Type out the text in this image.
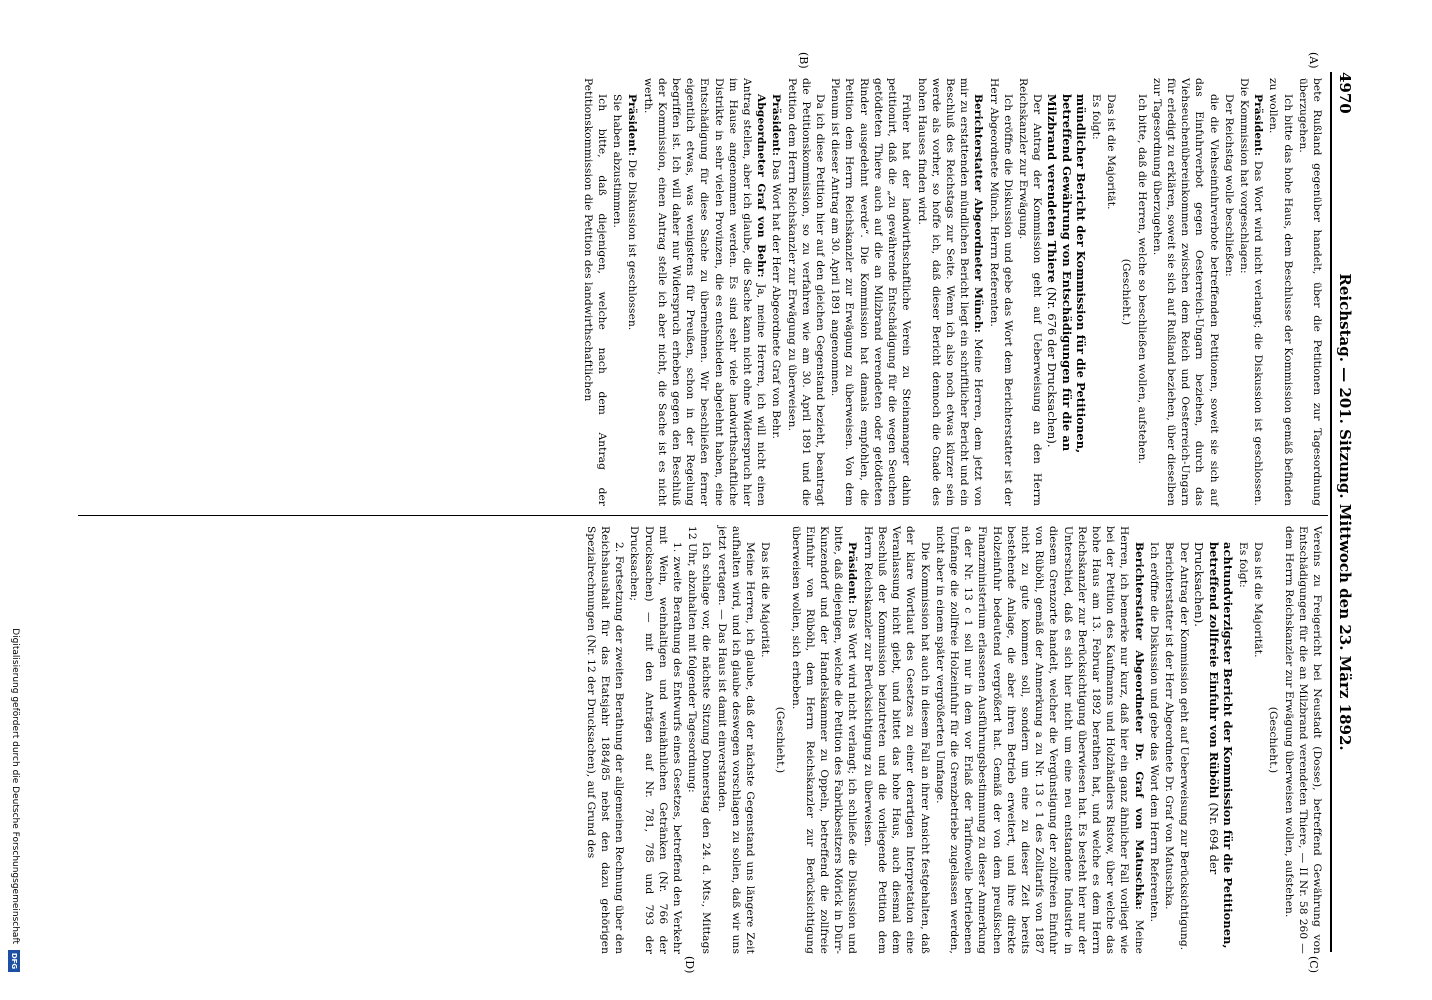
4970
Reichstag. — 201. Sitzung. Mittwoch den 23. März 1892.
(A)
(B)
(C)
(D)

bete Rußland gegenüber handelt, über die Petitionen zur Tagesordnung überzugehen.

Ich bitte das hohe Haus, dem Beschlusse der Kommission gemäß befinden zu wollen.

Präsident: Das Wort wird nicht verlangt; die Diskussion ist geschlossen. Die Kommission hat vorgeschlagen:

Der Reichstag wolle beschließen:

die die Viehseinfuhrverbote betreffenden Petitionen, soweit sie sich auf das Einfuhrverbot gegen Oesterreich-Ungarn beziehen, durch das Viehseuchenübereinkommen zwischen dem Reich und Oesterreich-Ungarn für erledigt zu erklären, soweit sie sich auf Rußland beziehen, über dieselben zur Tagesordnung überzugehen.

Ich bitte, daß die Herren, welche so beschließen wollen, aufstehen.

(Geschieht.)

Das ist die Majorität.

Es folgt:

mündlicher Bericht der Kommission für die Petitionen, betreffend Gewährung von Entschädigungen für die an Milzbrand verendeten Thiere (Nr. 676 der Drucksachen).

Der Antrag der Kommission geht auf Ueberweisung an den Herrn Reichskanzler zur Erwägung.

Ich eröffne die Diskussion und gebe das Wort dem Berichterstatter ist der Herr Abgeordnete Münch. Herrn Referenten.

Berichterstatter Abgeordneter Münch: Meine Herren, dem jetzt von mir zu erstattenden mündlichen Bericht liegt ein schriftlicher Bericht und ein Beschluß des Reichstags zur Seite. Wenn ich also noch etwas kürzer sein werde als vorher, so hoffe ich, daß dieser Bericht dennoch die Gnade des hohen Hauses finden wird.

Früher hat der landwirthschaftliche Verein zu Steinamanger dahin petitionirt, daß die „zu gewährende Entschädigung für die wegen Seuchen getödteten Thiere auch auf die an Milzbrand verendeten oder getödteten Rinder ausgedehnt werde“. Die Kommission hat damals empfohlen, die Petition dem Herrn Reichskanzler zur Erwägung zu überweisen. Von dem Plenum ist dieser Antrag am 30. April 1891 angenommen.

Da ich diese Petition hier auf den gleichen Gegenstand bezieht, beantragt die Petitionskommission, so zu verfahren wie am 30. April 1891 und die Petition dem Herrn Reichskanzler zur Erwägung zu überweisen.

Präsident: Das Wort hat der Herr Abgeordnete Graf von Behr.

Abgeordneter Graf von Behr: Ja, meine Herren, ich will nicht einen Antrag stellen, aber ich glaube, die Sache kann nicht ohne Widerspruch hier im Hause angenommen werden. Es sind sehr viele landwirthschaftliche Distrikte in sehr vielen Provinzen, die es entschieden abgelehnt haben, eine Entschädigung für diese Sache zu übernehmen. Wir beschließen ferner eigentlich etwas, was wenigstens für Preußen, schon in der Regelung begriffen ist. Ich will daher nur Widerspruch erheben gegen den Beschluß der Kommission, einen Antrag stelle ich aber nicht, die Sache ist es nicht werth.

Präsident: Die Diskussion ist geschlossen.

Sie haben abzustimmen.

Ich bitte, daß diejenigen, welche nach dem Antrag der Petitionskommission die Petition des landwirthschaftlichen

Vereins zu Freigericht bei Neustadt (Dosse), betreffend Gewährung von Entschädigungen für die an Milzbrand verendeten Thiere, — II Nr. 58 260 — dem Herrn Reichskanzler zur Erwägung überweisen wollen, aufstehen.

(Geschieht.)

Das ist die Majorität.

Es folgt:

achtundvierzigster Bericht der Kommission für die Petitionen, betreffend zollfreie Einfuhr von Rüböhl (Nr. 694 der Drucksachen).

Der Antrag der Kommission geht auf Ueberweisung zur Berücksichtigung.

Berichterstatter ist der Herr Abgeordnete Dr. Graf von Matuschka.

Ich eröffne die Diskussion und gebe das Wort dem Herrn Referenten.

Berichterstatter Abgeordneter Dr. Graf von Matuschka: Meine Herren, ich bemerke nur kurz, daß hier ein ganz ähnlicher Fall vorliegt wie bei der Petition des Kaufmanns und Holzhändlers Ristow, über welche das hohe Haus am 13. Februar 1892 berathen hat, und welche es dem Herrn Reichskanzler zur Berücksichtigung überwiesen hat. Es besteht hier nur der Unterschied, daß es sich hier nicht um eine neu entstandene Industrie in diesem Grenzorte handelt, welcher die Vergünstigung der zollfreien Einfuhr von Rüböhl, gemäß der Anmerkung a zu Nr. 13 c 1 des Zolltarifs von 1887 nicht zu gute kommen soll, sondern um eine zu dieser Zeit bereits bestehende Anlage, die aber ihren Betrieb erweitert, und ihre direkte Holzeinfuhr bedeutend vergrößert hat. Gemäß der von dem preußischen Finanzministerium erlassenen Ausführungsbestimmung zu dieser Anmerkung a der Nr. 13 c 1 soll nur in dem vor Erlaß der Tarifnovelle betriebenen Umfange die zollfreie Holzeinfuhr für die Grenzbetriebe zugelassen werden, nicht aber in einem später vergrößerten Umfange.

Die Kommission hat auch in diesem Fall an ihrer Ansicht festgehalten, daß der klare Wortlaut des Gesetzes zu einer derartigen Interpretation eine Veranlassung nicht giebt, und bittet das hohe Haus, auch diesmal dem Beschluß der Kommission beizutreten und die vorliegende Petition dem Herrn Reichskanzler zur Berücksichtigung zu überweisen.

Präsident: Das Wort wird nicht verlangt; ich schließe die Diskussion und bitte, daß diejenigen, welche die Petition des Fabrikbesitzers Mörick in Dürr-Kunzendorf und der Handelskammer zu Oppeln, betreffend die zollfreie Einfuhr von Rüböhl, dem Herrn Reichskanzler zur Berücksichtigung überweisen wollen, sich erheben.

(Geschieht.)

Das ist die Majorität.

Meine Herren, ich glaube, daß der nächste Gegenstand uns längere Zeit aufhalten wird, und ich glaube deswegen vorschlagen zu sollen, daß wir uns jetzt vertagen. — Das Haus ist damit einverstanden.

Ich schlage vor, die nächste Sitzung Donnerstag den 24. d. Mts., Mittags 12 Uhr, abzuhalten mit folgender Tagesordnung:

1. zweite Berathung des Entwurfs eines Gesetzes, betreffend den Verkehr mit Wein, weinhaltigen und weinähnlichen Getränken (Nr. 766 der Drucksachen) — mit den Anträgen auf Nr. 781, 785 und 793 der Drucksachen;

2. Fortsetzung der zweiten Berathung der allgemeinen Rechnung über den Reichshaushalt für das Etatsjahr 1884/85 nebst den dazu gehörigen Spezialrechnungen (Nr. 12 der Drucksachen), auf Grund des

Digitalisierung gefördert durch die Deutsche Forschungsgemeinschaft
DFG
